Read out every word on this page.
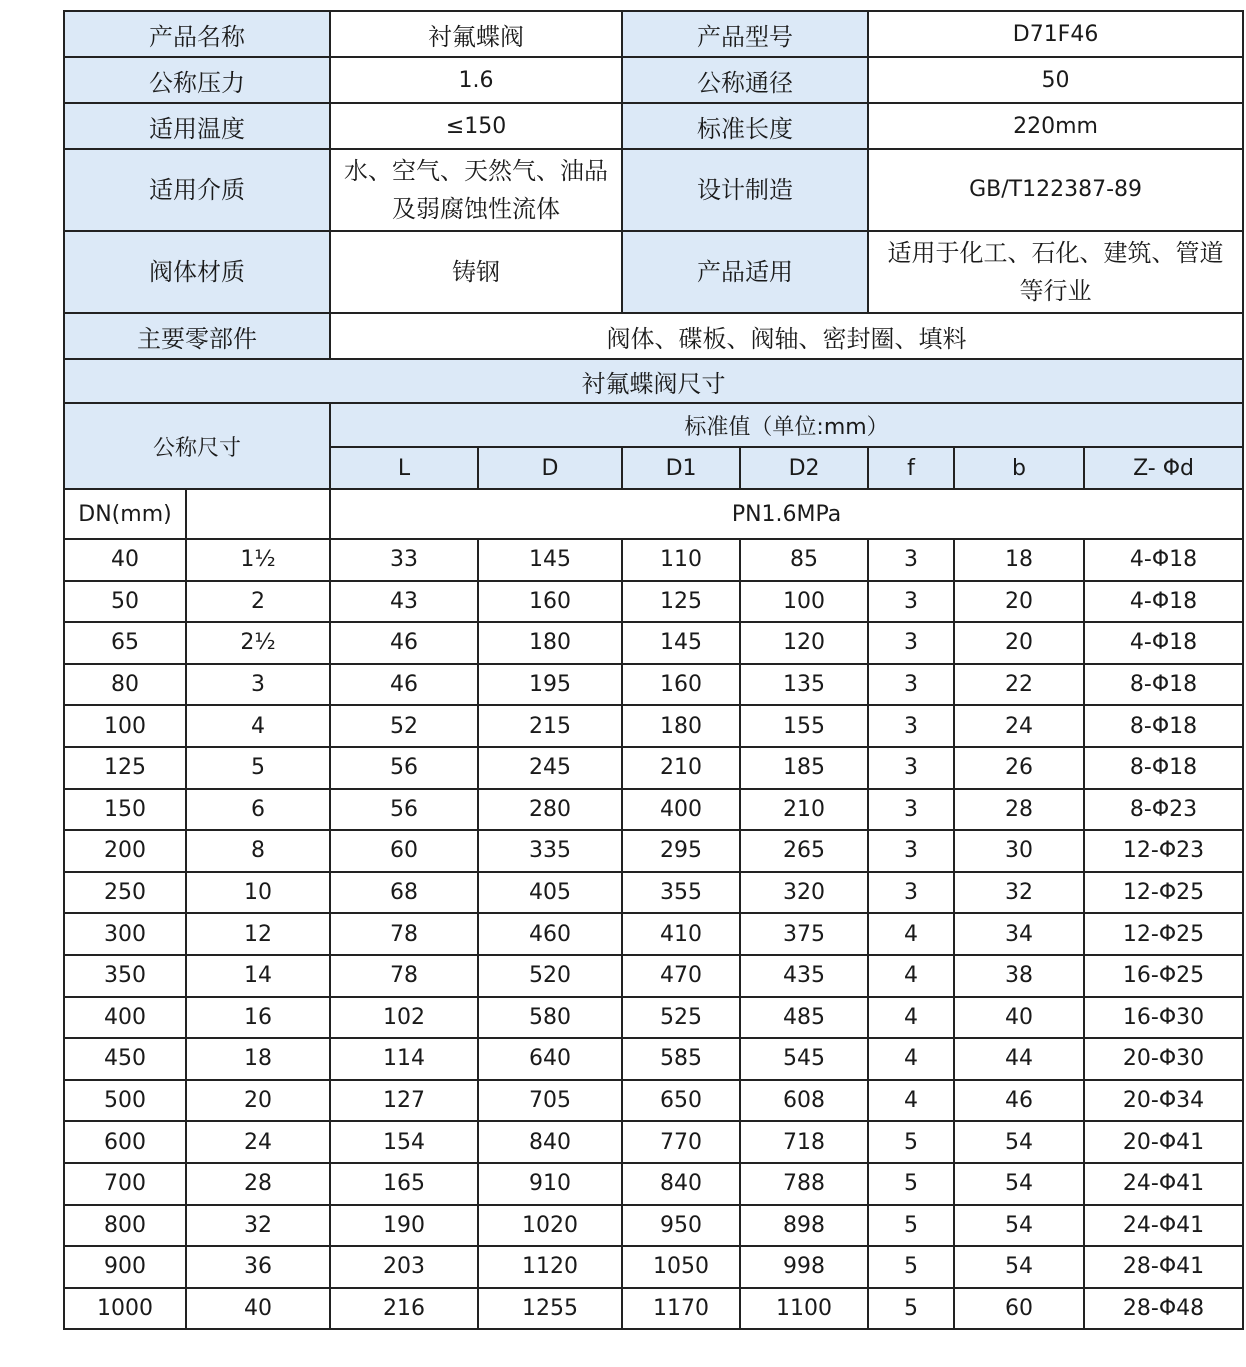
产品名称		衬氟蝶阀		产品型号		D71F46		
公称压力		1.6		公称通径		50		
适用温度		≤150		标准长度		220mm		
适用介质		水、空气、天然气、油品及弱腐蚀性流体		设计制造		GB/T122387-89		
阀体材质		铸钢		产品适用		适用于化工、石化、建筑、管道等行业		
主要零部件		阀体、碟板、阀轴、密封圈、填料						
衬氟蝶阀尺寸								
公称尺寸		标准值（单位:mm）						
		L	D	D1	D2	f	b	Z- Φd
DN(mm)		PN1.6MPa						
40	1½	33	145	110	85	3	18	4-Φ18
50	2	43	160	125	100	3	20	4-Φ18
65	2½	46	180	145	120	3	20	4-Φ18
80	3	46	195	160	135	3	22	8-Φ18
100	4	52	215	180	155	3	24	8-Φ18
125	5	56	245	210	185	3	26	8-Φ18
150	6	56	280	400	210	3	28	8-Φ23
200	8	60	335	295	265	3	30	12-Φ23
250	10	68	405	355	320	3	32	12-Φ25
300	12	78	460	410	375	4	34	12-Φ25
350	14	78	520	470	435	4	38	16-Φ25
400	16	102	580	525	485	4	40	16-Φ30
450	18	114	640	585	545	4	44	20-Φ30
500	20	127	705	650	608	4	46	20-Φ34
600	24	154	840	770	718	5	54	20-Φ41
700	28	165	910	840	788	5	54	24-Φ41
800	32	190	1020	950	898	5	54	24-Φ41
900	36	203	1120	1050	998	5	54	28-Φ41
1000	40	216	1255	1170	1100	5	60	28-Φ48
